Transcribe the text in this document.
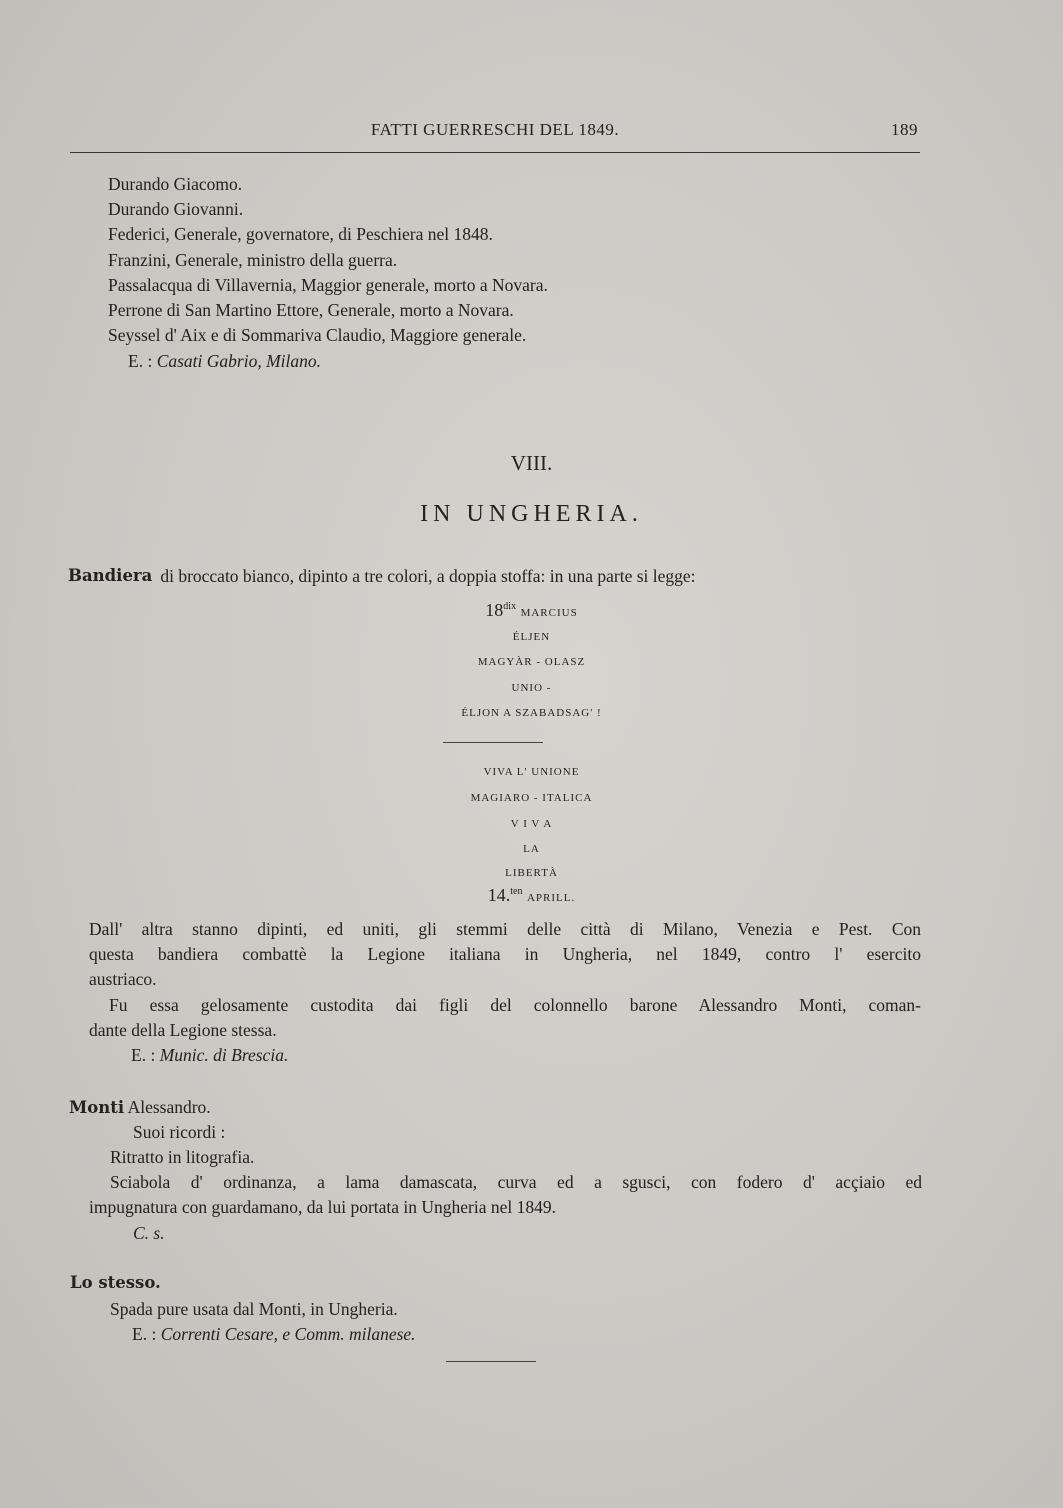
FATTI GUERRESCHI DEL 1849.	189
Durando Giacomo.
Durando Giovanni.
Federici, Generale, governatore, di Peschiera nel 1848.
Franzini, Generale, ministro della guerra.
Passalacqua di Villavernia, Maggior generale, morto a Novara.
Perrone di San Martino Ettore, Generale, morto a Novara.
Seyssel d' Aix e di Sommariva Claudio, Maggiore generale.
E. : Casati Gabrio, Milano.
VIII.
IN UNGHERIA.
Bandiera di broccato bianco, dipinto a tre colori, a doppia stoffa: in una parte si legge:
$18^{dix}$ MARCIUS
ÉLJEN
MAGYÀR - OLASZ
UNIO -
ÉLJON A SZABADSAG' !
VIVA L' UNIONE
MAGIARO - ITALICA
V I V A
LA
LIBERTÀ
14.$^{ten}$ APRILL.
Dall' altra stanno dipinti, ed uniti, gli stemmi delle città di Milano, Venezia e Pest. Con
questa bandiera combattè la Legione italiana in Ungheria, nel 1849, contro l' esercito
austriaco.
Fu essa gelosamente custodita dai figli del colonnello barone Alessandro Monti, coman-
dante della Legione stessa.
E. : Munic. di Brescia.
Monti Alessandro.
Suoi ricordi :
Ritratto in litografia.
Sciabola d' ordinanza, a lama damascata, curva ed a sgusci, con fodero d' acçiaio ed
impugnatura con guardamano, da lui portata in Ungheria nel 1849.
C. s.
Lo stesso.
Spada pure usata dal Monti, in Ungheria.
E. : Correnti Cesare, e Comm. milanese.
